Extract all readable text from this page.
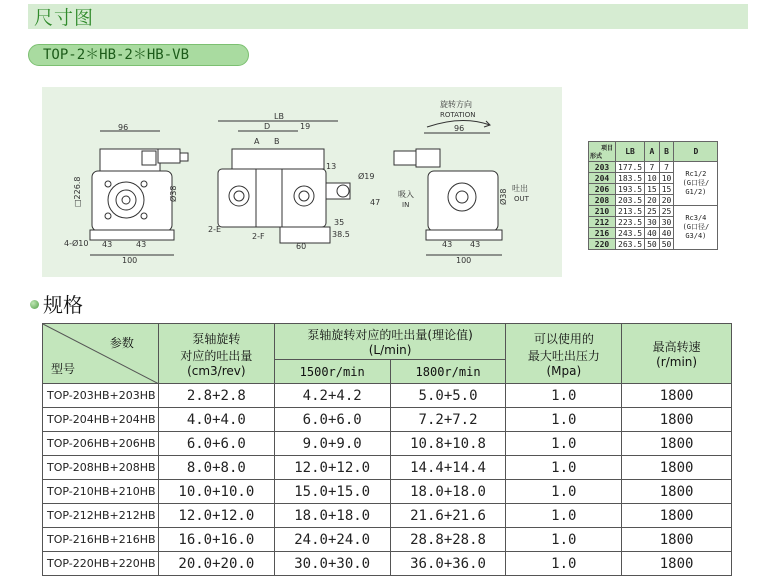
尺寸图
TOP-2＊HB-2＊HB-VB
96
100
43	43
4-Ø10
□226.8	Ø38
LB
D	19
A B
13
Ø19
47
35
38.5
60
2-E
2-F
旋转方向
ROTATION
96
吸入
IN
吐出
OUT
Ø38
43 43
100
项目
形式	LB	A	B	D
203	177.5	7	7	Rc1/2
(G口径/
G1/2)
204	183.5	10	10	
206	193.5	15	15	
208	203.5	20	20	
210	213.5	25	25	Rc3/4
(G口径/
G3/4)
212	223.5	30	30	
216	243.5	40	40	
220	263.5	50	50	
规格
参数
型号	泵轴旋转
对应的吐出量
(cm3/rev)	泵轴旋转对应的吐出量(理论值)
(L/min)		可以使用的
最大吐出压力
(Mpa)	最高转速
(r/min)
		1500r/min	1800r/min		
TOP-203HB+203HB	2.8+2.8	4.2+4.2	5.0+5.0	1.0	1800
TOP-204HB+204HB	4.0+4.0	6.0+6.0	7.2+7.2	1.0	1800
TOP-206HB+206HB	6.0+6.0	9.0+9.0	10.8+10.8	1.0	1800
TOP-208HB+208HB	8.0+8.0	12.0+12.0	14.4+14.4	1.0	1800
TOP-210HB+210HB	10.0+10.0	15.0+15.0	18.0+18.0	1.0	1800
TOP-212HB+212HB	12.0+12.0	18.0+18.0	21.6+21.6	1.0	1800
TOP-216HB+216HB	16.0+16.0	24.0+24.0	28.8+28.8	1.0	1800
TOP-220HB+220HB	20.0+20.0	30.0+30.0	36.0+36.0	1.0	1800
